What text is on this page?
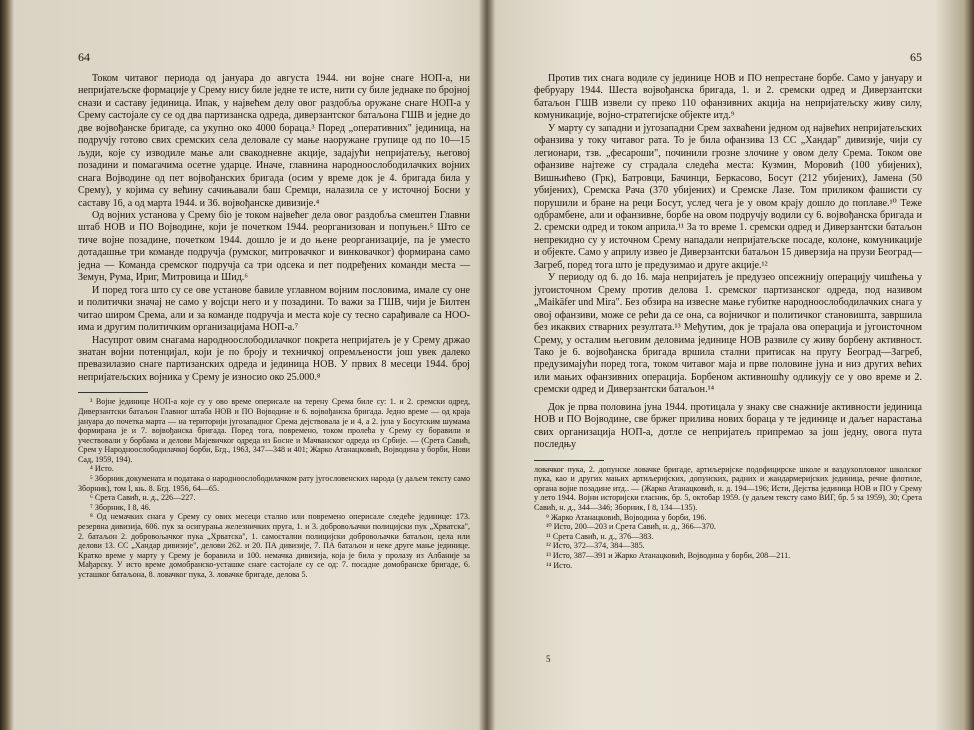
64

Током читавог периода од јануара до августа 1944. ни војне снаге НОП-а, ни непријатељске формације у Срему нису биле једне те исте, нити су биле једнаке по бројној снази и саставу јединица. Ипак, у највећем делу овог раздобља оружане снаге НОП-а у Срему састојале су се од два партизанска одреда, диверзантског батаљона ГШВ и једне до две војвођанске бригаде, са укупно око 4000 бораца.³ Поред „оперативних" јединица, на подручју готово свих сремских села деловале су мање наоружане групице од по 10—15 људи, које су изводиле мање али свакодневне акције, задајући непријатељу, његовој позадини и помагачима осетне ударце. Иначе, главнина народноослободилачких војних снага Војводине од пет војвођанских бригада (осим у време док је 4. бригада била у Срему), у којима су већину сачињавали баш Сремци, налазила се у источној Босни у саставу 16, а од марта 1944. и 36. војвођанске дивизије.⁴

Од војних установа у Срему бio је током највећег дела овог раздобља смештен Главни штаб НОВ и ПО Војводине, који је почетком 1944. реорганизован и попуњен.⁵ Што се тиче војне позадине, почетком 1944. дошло је и до њене реорганизације, па је уместо дотадашње три команде подручја (румског, митровачког и винковачког) формирана само једна — Команда сремског подручја са три одсека и пет подређених команди места — Земун, Рума, Ириг, Митровица и Шид.⁶

И поред тога што су се ове установе бавиле углавном војним пословима, имале су оне и политички значај не само у војсци него и у позадини. То важи за ГШВ, чији је Билтен читао широм Срема, али и за команде подручја и места које су тесно сарађивале са НОО-има и другим политичким организацијама НОП-а.⁷

Насупрот овим снагама народноослободилачког покрета непријатељ је у Срему држао знатан војни потенцијал, који је по броју и техничкој опремљености још увек далеко превазилазио снаге партизанских одреда и јединица НОВ. У првих 8 месеци 1944. број непријатељских војника у Срему је износио око 25.000.⁸

³ Војне јединице НОП-а које су у ово време оперисале на терену Срема биле су: 1. и 2. сремски одред, Диверзантски батаљон Главног штаба НОВ и ПО Војводине и 6. војвођанска бригада. Једно време — од краја јануара до почетка марта — на територији југозападног Срема дејствовала је и 4, а 2. јула у Босутским шумама формирана је и 7. војвођанска бригада. Поред тога, повремено, током пролећа у Срему су боравили и учествовали у борбама и делови Мајевичког одреда из Босне и Мачванског одреда из Србије. — (Срета Савић, Срем у Народноослободилачкој борби, Бгд., 1963, 347—348 и 401; Жарко Атанацковић, Војводина у борби, Нови Сад, 1959, 194).

⁴ Исто.

⁵ Зборник докумената и података о народноослободилачком рату југословенских народа (у даљем тексту само Зборник), том I, књ. 8. Бгд. 1956, 64—65.

⁶ Срета Савић, н. д., 226—227.

⁷ Зборник, I 8, 46.

⁸ Од немачких снага у Срему су ових месеци стално или повремено оперисале следеће јединице: 173. резервна дивизија, 606. пук за осигурања железничких пруга, 1. и 3. добровољачки полицијски пук „Хрватска", 2. батаљон 2. добровољачког пука „Хрватска", 1. самостални полицијски добровољачки батаљон, цела или делови 13. СС „Хандар дивизије", делови 262. и 20. ПА дивизије, 7. ПА батаљон и неке друге мање јединице. Кратко време у марту у Срему је боравила и 100. немачка дивизија, која је била у пролазу из Албаније за Мађарску. У исто време домобранско-усташке снаге састојале су се од: 7. посадне домобранске бригаде, 6. усташког батаљона, 8. ловачког пука, 3. ловачке бригаде, делова 5.

65

Против тих снага водиле су јединице НОВ и ПО непрестане борбе. Само у јануару и фебруару 1944. Шеста војвођанска бригада, 1. и 2. сремски одред и Диверзантски батаљон ГШВ извели су преко 110 офанзивних акција на непријатељску живу силу, комуникације, војно-стратегијске објекте итд.⁹

У марту су западни и југозападни Срем захваћени једном од највећих непријатељских офанзива у току читавог рата. То је била офанзива 13 СС „Хандар" дивизије, чији су легионари, тзв. „фесароши", починили грозне злочине у овом делу Срема. Током ове офанзиве најтеже су страдала следећа места: Кузмин, Моровић (100 убијених), Вишњићево (Грк), Батровци, Бачинци, Беркасово, Босут (212 убијених), Јамена (50 убијених), Сремска Рача (370 убијених) и Сремске Лазе. Том приликом фашисти су порушили и бране на реци Босут, услед чега је у овом крају дошло до поплаве.¹⁰ Теже одбрамбене, али и офанзивне, борбе на овом подручју водили су 6. војвођанска бригада и 2. сремски одред и током априла.¹¹ За то време 1. сремски одред и Диверзантски батаљон непрекидно су у источном Срему нападали непријатељске посаде, колоне, комуникације и објекте. Само у априлу извео је Диверзантски батаљон 15 диверзија на прузи Београд—Загреб, поред тога што је предузимао и друге акције.¹²

У периоду од 6. до 16. маја непријатељ је предузео опсежнију операцију чишћења у југоисточном Срему против делова 1. сремског партизанског одреда, под називом „Maikäfer und Mira". Без обзира на извесне мање губитке народноослободилачких снага у овој офанзиви, може се рећи да се она, са војничког и политичког становишта, завршила без икаквих стварних резултата.¹³ Међутим, док је трајала ова операција и југоисточном Срему, у осталим његовим деловима јединице НОВ развиле су живу борбену активност. Тако је 6. војвођанска бригада вршила стални притисак на пругу Београд—Загреб, предузимајући поред тога, током читавог маја и прве половине јуна и низ других већих или мањих офанзивних операција. Борбеном активношћу одликују се у ово време и 2. сремски одред и Диверзантски батаљон.¹⁴

Док је прва половина јуна 1944. протицала у знаку све снажније активности јединица НОВ и ПО Војводине, све бржег прилива нових бораца у те јединице и даљег нарастања свих организација НОП-а, дотле се непријатељ припремао за још једну, овога пута последњу

ловачког пука, 2. допунске ловачке бригаде, артиљеријске подофицирске школе и ваздухопловног школског пука, као и других мањих артиљеријских, допунских, радних и жандармеријских јединица, речне флотиле, органа војне позадине итд.. — (Жарко Атанацковић, н. д. 194—196; Исти, Дејства јединица НОВ и ПО у Срему у лето 1944. Војни историјски гласник, бр. 5, октобар 1959. (у даљем тексту само ВИГ, бр. 5 за 1959), 30; Срета Савић, н. д., 344—346; Зборник, I 8, 134—135).

⁹ Жарко Атанацковић, Војводина у борби, 196.

¹⁰ Исто, 200—203 и Срета Савић, н. д., 366—370.

¹¹ Срета Савић, н. д., 376—383.

¹² Исто, 372—374, 384—385.

¹³ Исто, 387—391 и Жарко Атанацковић, Војводина у борби, 208—211.

¹⁴ Исто.

5
